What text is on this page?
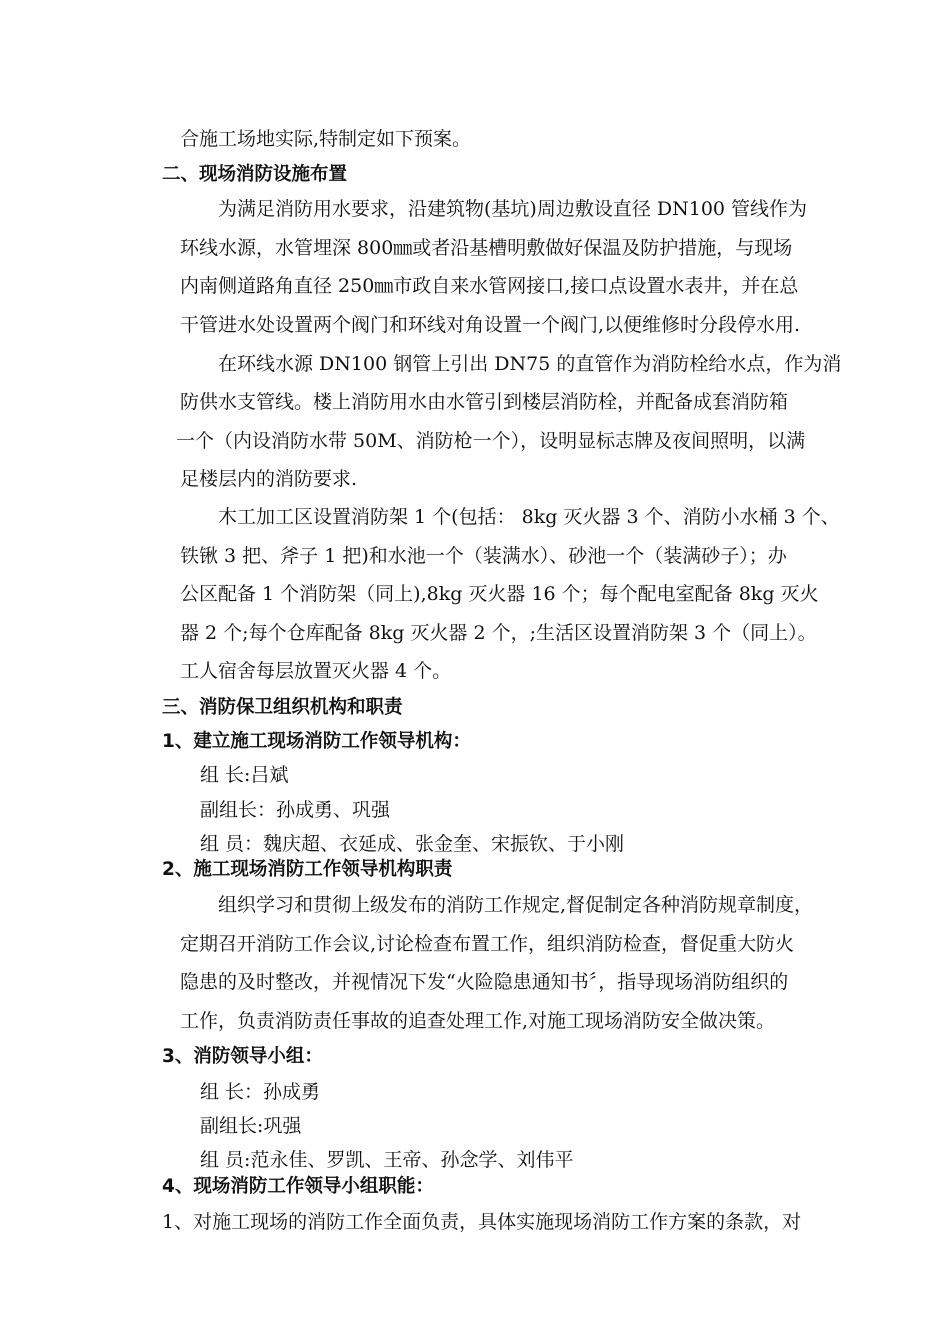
合施工场地实际,特制定如下预案。
二、现场消防设施布置
为满足消防用水要求，沿建筑物(基坑)周边敷设直径 DN100 管线作为
环线水源，水管埋深 800㎜或者沿基槽明敷做好保温及防护措施，与现场
内南侧道路角直径 250㎜市政自来水管网接口,接口点设置水表井，并在总
干管进水处设置两个阀门和环线对角设置一个阀门,以便维修时分段停水用.
在环线水源 DN100 钢管上引出 DN75 的直管作为消防栓给水点，作为消
防供水支管线。楼上消防用水由水管引到楼层消防栓，并配备成套消防箱
一个（内设消防水带 50M、消防枪一个），设明显标志牌及夜间照明，以满
足楼层内的消防要求.
木工加工区设置消防架 1 个(包括： 8kg 灭火器 3 个、消防小水桶 3 个、
铁锹 3 把、斧子 1 把)和水池一个（装满水）、砂池一个（装满砂子）；办
公区配备 1 个消防架（同上),8kg 灭火器 16 个；每个配电室配备 8kg 灭火
器 2 个;每个仓库配备 8kg 灭火器 2 个，;生活区设置消防架 3 个（同上）。
工人宿舍每层放置灭火器 4 个。
三、消防保卫组织机构和职责
1、建立施工现场消防工作领导机构：
组 长:吕斌
副组长：孙成勇、巩强
组 员：魏庆超、衣延成、张金奎、宋振钦、于小刚
2、施工现场消防工作领导机构职责
组织学习和贯彻上级发布的消防工作规定,督促制定各种消防规章制度，
定期召开消防工作会议,讨论检查布置工作，组织消防检查，督促重大防火
隐患的及时整改，并视情况下发“火险隐患通知书〞，指导现场消防组织的
工作，负责消防责任事故的追查处理工作,对施工现场消防安全做决策。
3、消防领导小组：
组 长：孙成勇
副组长:巩强
组 员:范永佳、罗凯、王帝、孙念学、刘伟平
4、现场消防工作领导小组职能：
1、对施工现场的消防工作全面负责，具体实施现场消防工作方案的条款，对
